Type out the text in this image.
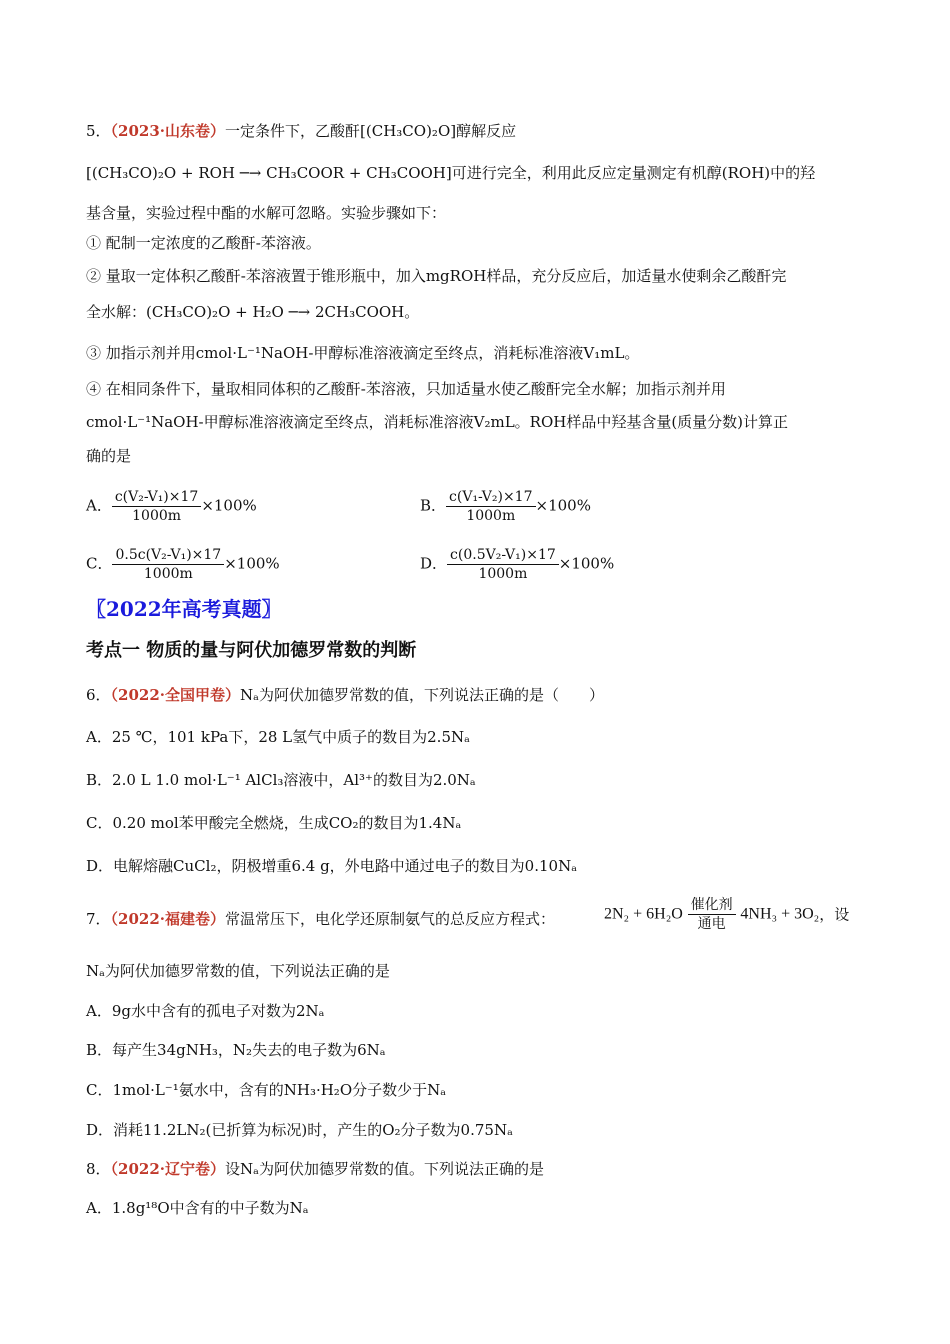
5．（2023·山东卷）一定条件下，乙酸酐[(CH₃CO)₂O]醇解反应
[(CH₃CO)₂O + ROH ─→ CH₃COOR + CH₃COOH]可进行完全，利用此反应定量测定有机醇(ROH)中的羟
基含量，实验过程中酯的水解可忽略。实验步骤如下：
① 配制一定浓度的乙酸酐-苯溶液。
② 量取一定体积乙酸酐-苯溶液置于锥形瓶中，加入mgROH样品，充分反应后，加适量水使剩余乙酸酐完
全水解：(CH₃CO)₂O + H₂O ─→ 2CH₃COOH。
③ 加指示剂并用cmol·L⁻¹NaOH-甲醇标准溶液滴定至终点，消耗标准溶液V₁mL。
④ 在相同条件下，量取相同体积的乙酸酐-苯溶液，只加适量水使乙酸酐完全水解；加指示剂并用
cmol·L⁻¹NaOH-甲醇标准溶液滴定至终点，消耗标准溶液V₂mL。ROH样品中羟基含量(质量分数)计算正
确的是
A． $\frac{\text{c(V₂-V₁)×17}}{1000m} \times 100\%$	B． $\frac{\text{c(V₁-V₂)×17}}{1000m} \times 100\%$
C． $\frac{\text{0.5c(V₂-V₁)×17}}{1000m} \times 100\%$	D． $\frac{\text{c(0.5V₂-V₁)×17}}{1000m} \times 100\%$
〖2022年高考真题〗
考点一 物质的量与阿伏加德罗常数的判断
6．（2022·全国甲卷）Nₐ为阿伏加德罗常数的值，下列说法正确的是（　　）
A．25 ℃，101 kPa下，28 L氢气中质子的数目为2.5Nₐ
B．2.0 L 1.0 mol·L⁻¹ AlCl₃溶液中，Al³⁺的数目为2.0Nₐ
C．0.20 mol苯甲酸完全燃烧，生成CO₂的数目为1.4Nₐ
D．电解熔融CuCl₂，阴极增重6.4 g，外电路中通过电子的数目为0.10Nₐ
7．（2022·福建卷）常温常压下，电化学还原制氨气的总反应方程式：	2N₂ + 6H₂O
催化剂
通电
4NH₃ + 3O₂，设
Nₐ为阿伏加德罗常数的值，下列说法正确的是
A．9g水中含有的孤电子对数为2Nₐ
B．每产生34gNH₃，N₂失去的电子数为6Nₐ
C．1mol·L⁻¹氨水中，含有的NH₃·H₂O分子数少于Nₐ
D．消耗11.2LN₂(已折算为标况)时，产生的O₂分子数为0.75Nₐ
8．（2022·辽宁卷）设Nₐ为阿伏加德罗常数的值。下列说法正确的是
A．1.8g¹⁸O中含有的中子数为Nₐ
